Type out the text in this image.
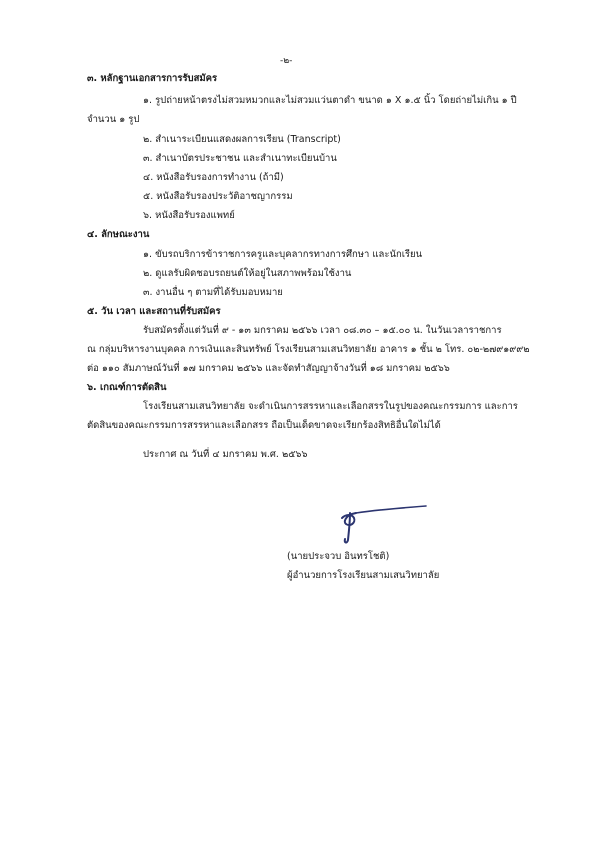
-๒-
๓. หลักฐานเอกสารการรับสมัคร
๑. รูปถ่ายหน้าตรงไม่สวมหมวกและไม่สวมแว่นตาดำ ขนาด ๑ X ๑.๕ นิ้ว โดยถ่ายไม่เกิน ๑ ปี
จำนวน ๑ รูป
๒. สำเนาระเบียนแสดงผลการเรียน (Transcript)
๓. สำเนาบัตรประชาชน และสำเนาทะเบียนบ้าน
๔. หนังสือรับรองการทำงาน (ถ้ามี)
๕. หนังสือรับรองประวัติอาชญากรรม
๖. หนังสือรับรองแพทย์
๔. ลักษณะงาน
๑. ขับรถบริการข้าราชการครูและบุคลากรทางการศึกษา และนักเรียน
๒. ดูแลรับผิดชอบรถยนต์ให้อยู่ในสภาพพร้อมใช้งาน
๓. งานอื่น ๆ ตามที่ได้รับมอบหมาย
๕. วัน เวลา และสถานที่รับสมัคร
รับสมัครตั้งแต่วันที่ ๙ - ๑๓ มกราคม ๒๕๖๖ เวลา ๐๘.๓๐ – ๑๕.๐๐ น. ในวันเวลาราชการ
ณ กลุ่มบริหารงานบุคคล การเงินและสินทรัพย์ โรงเรียนสามเสนวิทยาลัย อาคาร ๑ ชั้น ๒ โทร. ๐๒-๒๗๙๑๙๙๒
ต่อ ๑๑๐ สัมภาษณ์วันที่ ๑๗ มกราคม ๒๕๖๖ และจัดทำสัญญาจ้างวันที่ ๑๘ มกราคม ๒๕๖๖
๖. เกณฑ์การตัดสิน
โรงเรียนสามเสนวิทยาลัย จะดำเนินการสรรหาและเลือกสรรในรูปของคณะกรรมการ และการ
ตัดสินของคณะกรรมการสรรหาและเลือกสรร ถือเป็นเด็ดขาดจะเรียกร้องสิทธิอื่นใดไม่ได้
ประกาศ ณ วันที่ ๔ มกราคม พ.ศ. ๒๕๖๖
(นายประจวบ อินทรโชติ)
ผู้อำนวยการโรงเรียนสามเสนวิทยาลัย
